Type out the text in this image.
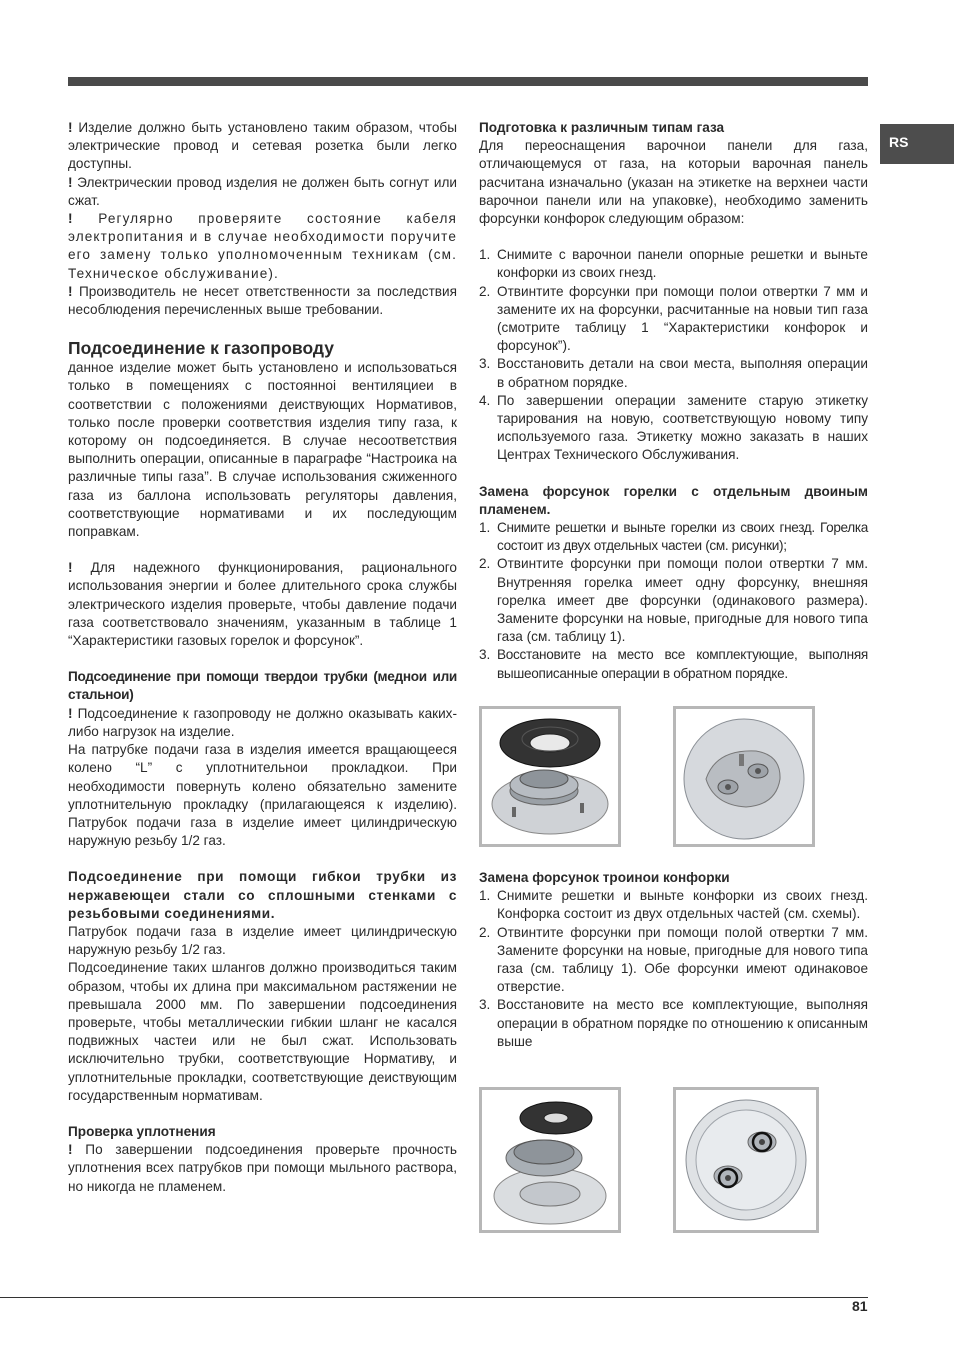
RS

! Изделие должно быть установлено таким образом, чтобы электрические провод и сетевая розетка были легко доступны.

! Электрическии провод изделия не должен быть согнут или сжат.

! Регулярно проверяите состояние кабеля электропитания и в случае необходимости поручите его замену только уполномоченным техникам (см. Техническое обслуживание).

! Производитель не несет ответственности за последствия несоблюдения перечисленных выше требовании.

Подсоединение к газопроводу

данное изделие может быть установлено и использоваться только в помещениях с постоянноi вентиляциеи в соответствии с положениями деиствующих Нормативов, только после проверки соответствия изделия типу газа, к которому он подсоединяется. В случае несоответствия выполнить операции, описанные в параграфе “Настроика на различные типы газа”. В случае использования сжиженного газа из баллона использовать регуляторы давления, соответствующие нормативами и их последующим поправкам.

! Для надежного функционирования, рационального использования энергии и более длительного срока службы электрического изделия проверьте, чтобы давление подачи газа соответствовало значениям, указанным в таблице 1 “Характеристики газовых горелок и форсунок”.

Подсоединение при помощи твердои трубки (меднои или стальнои)

! Подсоединение к газопроводу не должно оказывать каких-либо нагрузок на изделие.

На патрубке подачи газа в изделия имеется вращающееся колено “L” с уплотнительнои прокладкои. При необходимости повернуть колено обязательно замените уплотнительную прокладку (прилагающеяся к изделию). Патрубок подачи газа в изделие имеет цилиндрическую наружную резьбу 1/2 газ.

Подсоединение при помощи гибкои трубки из нержавеющеи стали со сплошными стенками с резьбовыми соединениями.

Патрубок подачи газа в изделие имеет цилиндрическую наружную резьбу 1/2 газ.

Подсоединение таких шлангов должно производиться таким образом, чтобы их длина при максимальном растяжении не превышала 2000 мм. По завершении подсоединения проверьте, чтобы металлическии гибкии шланг не касался подвижных частеи или не был сжат. Использовать исключительно трубки, соответствующие Нормативу, и уплотнительные прокладки, соответствующие деиствующим государственным нормативам.

Проверка уплотнения

! По завершении подсоединения проверьте прочность уплотнения всех патрубков при помощи мыльного раствора, но никогда не пламенем.

Подготовка к различным типам газа

Для переоснащения варочнои панели для газа, отличающемуся от газа, на которыи варочная панель расчитана изначально (указан на этикетке на верхнеи части варочнои панели или на упаковке), необходимо заменить форсунки конфорок следующим образом:

1. Снимите с варочнои панели опорные решетки и выньте конфорки из своих гнезд.
2. Отвинтите форсунки при помощи полои отвертки 7 мм и замените их на форсунки, расчитанные на новыи тип газа (смотрите таблицу 1 “Характеристики конфорок и форсунок”).
3. Восстановить детали на свои места, выполняя операции в обратном порядке.
4. По завершении операции замените старую этикетку тарирования на новую, соответствующую новому типу используемого газа. Этикетку можно заказать в наших Центрах Технического Обслуживания.

Замена форсунок горелки с отдельным двоиным пламенем.

1. Снимите решетки и выньте горелки из своих гнезд. Горелка состоит из двух отдельных частеи (см. рисунки);
2. Отвинтите форсунки при помощи полои отвертки 7 мм. Внутренняя горелка имеет одну форсунку, внешняя горелка имеет две форсунки (одинакового размера). Замените форсунки на новые, пригодные для нового типа газа (см. таблицу 1).
3. Восстановите на место все комплектующие, выполняя вышеописанные операции в обратном порядке.

Замена форсунок троинои конфорки

1. Снимите решетки и выньте конфорки из своих гнезд. Конфорка состоит из двух отдельных частей (см. схемы).
2. Отвинтите форсунки при помощи полой отвертки 7 мм. Замените форсунки на новые, пригодные для нового типа газа (см. таблицу 1). Обе форсунки имеют одинаковое отверстие.
3. Восстановите на место все комплектующие, выполняя операции в обратном порядке по отношению к описанным выше
81
